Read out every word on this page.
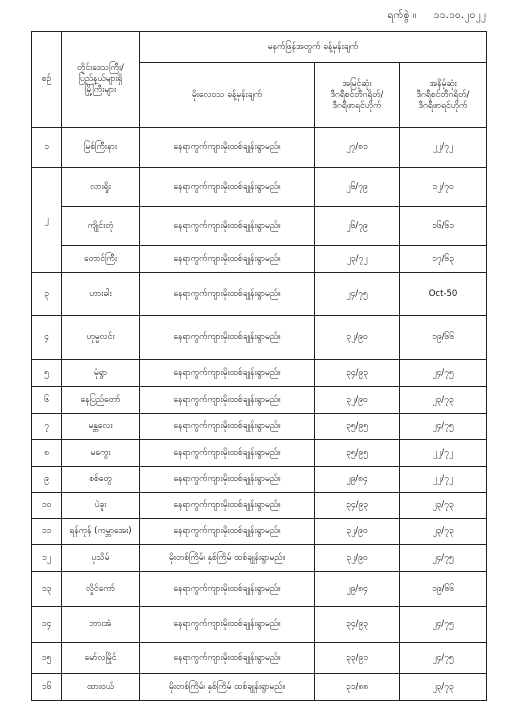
ရက်စွဲ ။ ၁၁.၁၀.၂၀၂၂
စဉ်	တိုင်းဒေသကြီး/
ပြည်နယ်များရှိ
မြို့ကြီးများ	မနက်ဖြန်အတွက် ခန့်မှန်းချက်		
		မိုးလေဝသ ခန့်မှန်းချက်	အမြင့်ဆုံး
ဒီဂရီစင်တီဂရိတ်/
ဒီဂရီဖာရင်ဟိုက်	အနိမ့်ဆုံး
ဒီဂရီစင်တီဂရိတ်/
ဒီဂရီဖာရင်ဟိုက်
၁	မြစ်ကြီးနား	နေရာကွက်ကျားမိုးထစ်ချုန်းရွာမည်။	၂၇/၈၁	၂၂/၇၂
၂	လားရှိုး	နေရာကွက်ကျားမိုးထစ်ချုန်းရွာမည်။	၂၆/၇၉	၁၂/၇၀
	ကျိုင်းတုံ	နေရာကွက်ကျားမိုးထစ်ချုန်းရွာမည်။	၂၆/၇၉	၁၆/၆၁
	တောင်ကြီး	နေရာကွက်ကျားမိုးထစ်ချုန်းရွာမည်။	၂၃/၇၂	၁၇/၆၃
၃	ဟားခါး	နေရာကွက်ကျားမိုးထစ်ချုန်းရွာမည်။	၂၄/၇၅	Oct-50
၄	ဟုမ္မလင်း	နေရာကွက်ကျားမိုးထစ်ချုန်းရွာမည်။	၃၂/၉၀	၁၉/၆၆
၅	မုံရွာ	နေရာကွက်ကျားမိုးထစ်ချုန်းရွာမည်။	၃၄/၉၃	၂၄/၇၅
၆	နေပြည်တော်	နေရာကွက်ကျားမိုးထစ်ချုန်းရွာမည်။	၃၂/၉၀	၂၃/၇၃
၇	မန္တလေး	နေရာကွက်ကျားမိုးထစ်ချုန်းရွာမည်။	၃၅/၉၅	၂၄/၇၅
၈	မကွေး	နေရာကွက်ကျားမိုးထစ်ချုန်းရွာမည်။	၃၅/၉၅	၂၂/၇၂
၉	စစ်တွေ	နေရာကွက်ကျားမိုးထစ်ချုန်းရွာမည်။	၂၉/၈၄	၂၂/၇၂
၁၀	ပဲခူး	နေရာကွက်ကျားမိုးထစ်ချုန်းရွာမည်။	၃၄/၉၃	၂၃/၇၃
၁၁	ရန်ကုန် (ကမ္ဘာအေး)	နေရာကွက်ကျားမိုးထစ်ချုန်းရွာမည်။	၃၂/၉၀	၂၃/၇၃
၁၂	ပုသိမ်	မိုးတစ်ကြိမ်၊ နှစ်ကြိမ် ထစ်ချုန်းရွာမည်။	၃၂/၉၀	၂၄/၇၅
၁၃	လှိုင်ကော်	နေရာကွက်ကျားမိုးထစ်ချုန်းရွာမည်။	၂၉/၈၄	၁၉/၆၆
၁၄	ဘားအံ	နေရာကွက်ကျားမိုးထစ်ချုန်းရွာမည်။	၃၄/၉၃	၂၄/၇၅
၁၅	မော်လမြိုင်	နေရာကွက်ကျားမိုးထစ်ချုန်းရွာမည်။	၃၃/၉၁	၂၄/၇၅
၁၆	ထားဝယ်	မိုးတစ်ကြိမ်၊ နှစ်ကြိမ် ထစ်ချုန်းရွာမည်။	၃၁/၈၈	၂၃/၇၃
